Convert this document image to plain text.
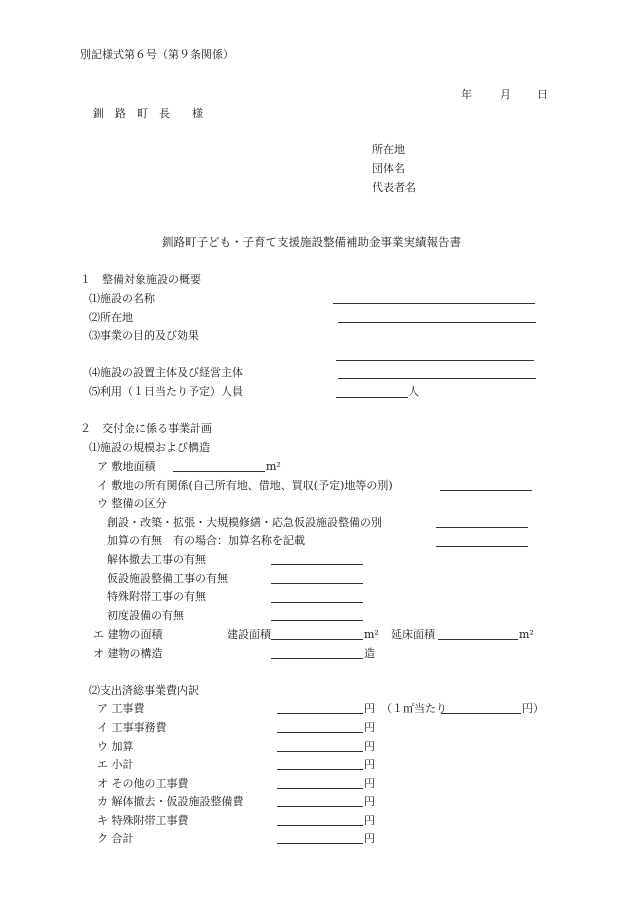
別記様式第６号（第９条関係）
年	月 日
釧　路　町　長　　様
所在地
団体名
代表者名
釧路町子ども・子育て支援施設整備補助金事業実績報告書
１　整備対象施設の概要
⑴施設の名称
⑵所在地
⑶事業の目的及び効果
⑷施設の設置主体及び経営主体
⑸利用（１日当たり予定）人員	人
２　交付金に係る事業計画
⑴施設の規模および構造
ア 敷地面積	m²
イ 敷地の所有関係(自己所有地、借地、買収(予定)地等の別)
ウ 整備の区分
創設・改築・拡張・大規模修繕・応急仮設施設整備の別
加算の有無　有の場合：加算名称を記載
解体撤去工事の有無
仮設施設整備工事の有無
特殊附帯工事の有無
初度設備の有無
エ 建物の面積	建設面積	m² 延床面積	m²
オ 建物の構造	造
⑵支出済総事業費内訳
ア 工事費	円 （１㎡当たり	円）
イ 工事事務費	円
ウ 加算	円
エ 小計	円
オ その他の工事費	円
カ 解体撤去・仮設施設整備費	円
キ 特殊附帯工事費	円
ク 合計	円
